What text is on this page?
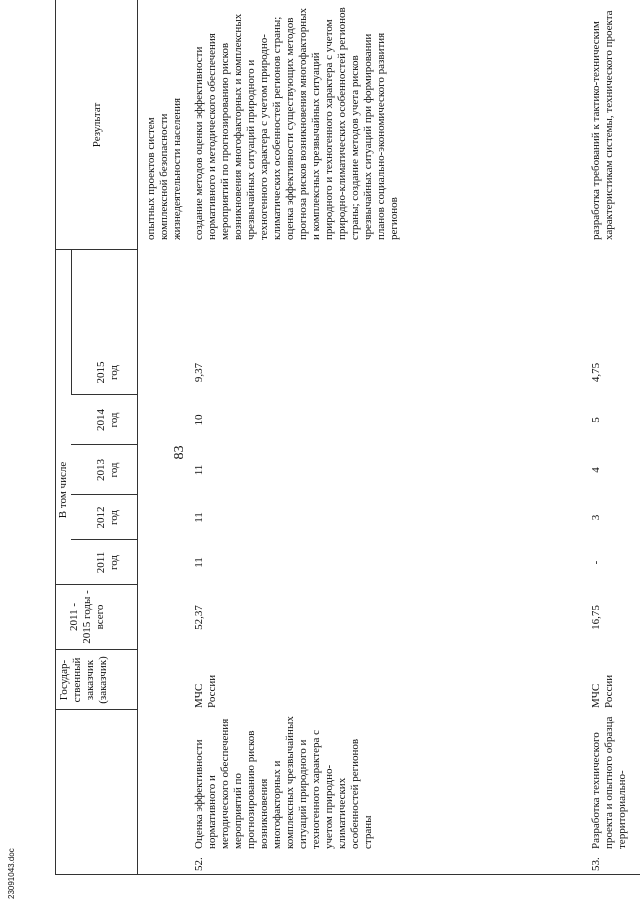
23091043.doc
83
Государ-
ственный
заказчик
(заказчик)
2011 -
2015 годы -
всего
В том числе
2011
год
2012
год
2013
год
2014
год
2015
год
Результат
опытных проектов систем
комплексной безопасности
жизнедеятельности населения
52.
Оценка эффективности нормативного и методического обеспечения мероприятий по прогнозированию рисков возникновения многофакторных и комплексных чрезвычайных ситуаций природного и техногенного характера с учетом природно-климатических особенностей регионов страны
МЧС России
52,37
11
11
11
10
9,37
создание методов оценки эффективности нормативного и методического обеспечения мероприятий по прогнозированию рисков возникновения многофакторных и комплексных чрезвычайных ситуаций природного и техногенного характера с учетом природно-климатических особенностей регионов страны; оценка эффективности существующих методов прогноза рисков возникновения многофакторных и комплексных чрезвычайных ситуаций природного и техногенного характера с учетом природно-климатических особенностей регионов страны; создание методов учета рисков чрезвычайных ситуаций при формировании планов социально-экономического развития регионов
53.
Разработка технического проекта и опытного образца территориально-
МЧС России
16,75
-
3
4
5
4,75
разработка требований к тактико-техническим характеристикам системы, технического проекта
